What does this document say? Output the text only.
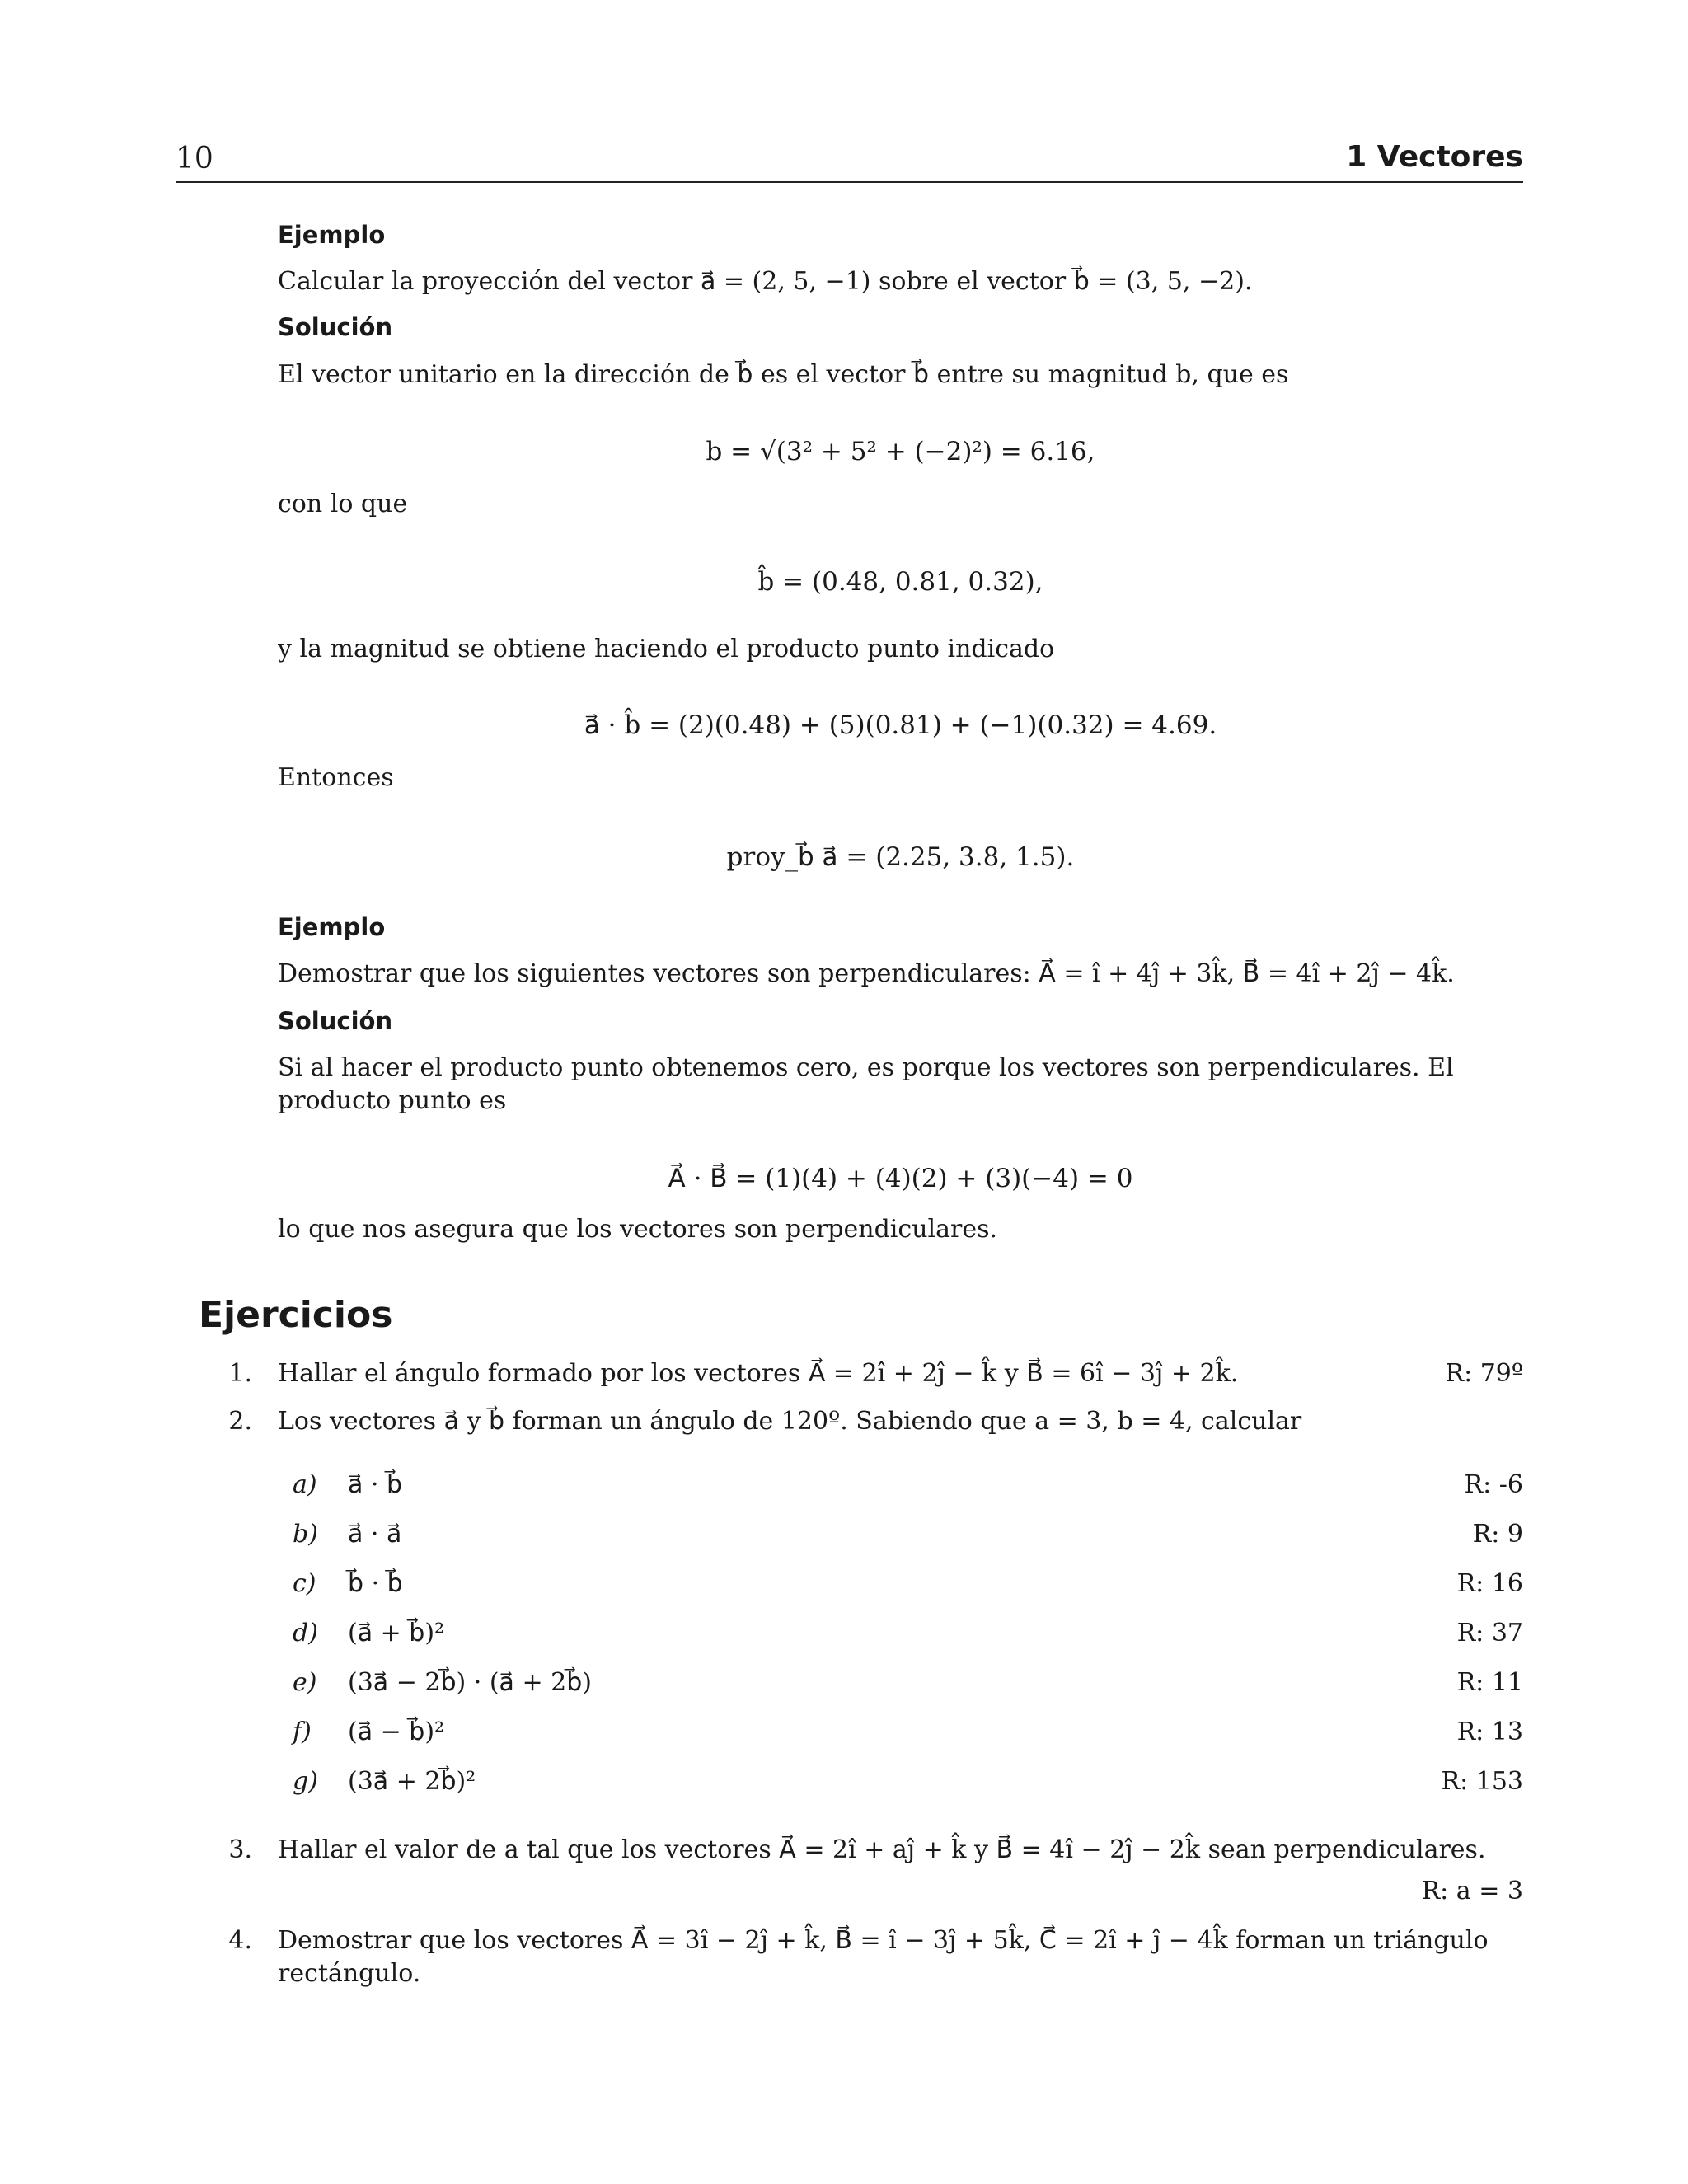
10	1 Vectores
Ejemplo
Calcular la proyección del vector a⃗ = (2, 5, −1) sobre el vector b⃗ = (3, 5, −2).
Solución
El vector unitario en la dirección de b⃗ es el vector b⃗ entre su magnitud b, que es
b = √(3² + 5² + (−2)²) = 6.16,
con lo que
b̂ = (0.48, 0.81, 0.32),
y la magnitud se obtiene haciendo el producto punto indicado
a⃗ · b̂ = (2)(0.48) + (5)(0.81) + (−1)(0.32) = 4.69.
Entonces
proy_b⃗ a⃗ = (2.25, 3.8, 1.5).
Ejemplo
Demostrar que los siguientes vectores son perpendiculares: A⃗ = î + 4ĵ + 3k̂, B⃗ = 4î + 2ĵ − 4k̂.
Solución
Si al hacer el producto punto obtenemos cero, es porque los vectores son perpendiculares. El
producto punto es
A⃗ · B⃗ = (1)(4) + (4)(2) + (3)(−4) = 0
lo que nos asegura que los vectores son perpendiculares.
Ejercicios
1. Hallar el ángulo formado por los vectores A⃗ = 2î + 2ĵ − k̂ y B⃗ = 6î − 3ĵ + 2k̂.	R: 79º
2. Los vectores a⃗ y b⃗ forman un ángulo de 120º. Sabiendo que a = 3, b = 4, calcular
a) a⃗ · b⃗	R: -6
b) a⃗ · a⃗	R: 9
c) b⃗ · b⃗	R: 16
d) (a⃗ + b⃗)²	R: 37
e) (3a⃗ − 2b⃗) · (a⃗ + 2b⃗)	R: 11
f) (a⃗ − b⃗)²	R: 13
g) (3a⃗ + 2b⃗)²	R: 153
3. Hallar el valor de a tal que los vectores A⃗ = 2î + aĵ + k̂ y B⃗ = 4î − 2ĵ − 2k̂ sean perpendiculares.
R: a = 3
4. Demostrar que los vectores A⃗ = 3î − 2ĵ + k̂, B⃗ = î − 3ĵ + 5k̂, C⃗ = 2î + ĵ − 4k̂ forman un triángulo
rectángulo.
